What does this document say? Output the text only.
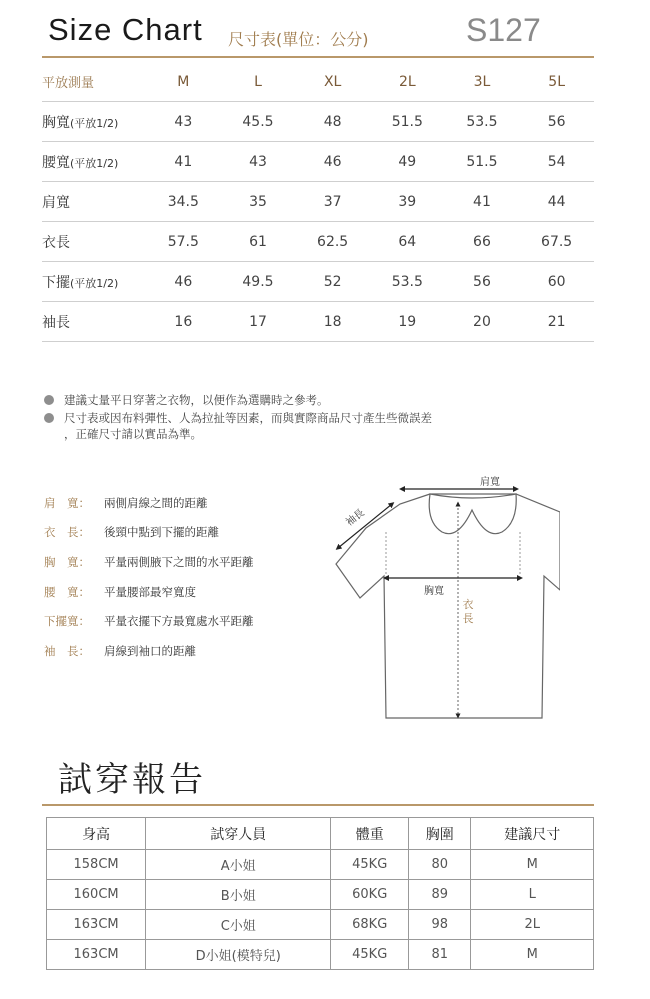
Size Chart 尺寸表(單位：公分)	S127
平放測量	M	L	XL	2L	3L	5L
胸寬(平放1/2)	43	45.5	48	51.5	53.5	56
腰寬(平放1/2)	41	43	46	49	51.5	54
肩寬	34.5	35	37	39	41	44
衣長	57.5	61	62.5	64	66	67.5
下擺(平放1/2)	46	49.5	52	53.5	56	60
袖長	16	17	18	19	20	21
建議丈量平日穿著之衣物，以便作為選購時之參考。
尺寸表或因布料彈性、人為拉扯等因素，而與實際商品尺寸產生些微誤差
，正確尺寸請以實品為準。
肩　寬：	兩側肩線之間的距離
衣　長：	後頸中點到下擺的距離
胸　寬：	平量兩側腋下之間的水平距離
腰　寬：	平量腰部最窄寬度
下擺寬：	平量衣擺下方最寬處水平距離
袖　長：	肩線到袖口的距離
肩寬
袖長
衣
長
胸寬
試穿報告
身高	試穿人員	體重	胸圍	建議尺寸
158CM	A小姐	45KG	80	M
160CM	B小姐	60KG	89	L
163CM	C小姐	68KG	98	2L
163CM	D小姐(模特兒)	45KG	81	M
